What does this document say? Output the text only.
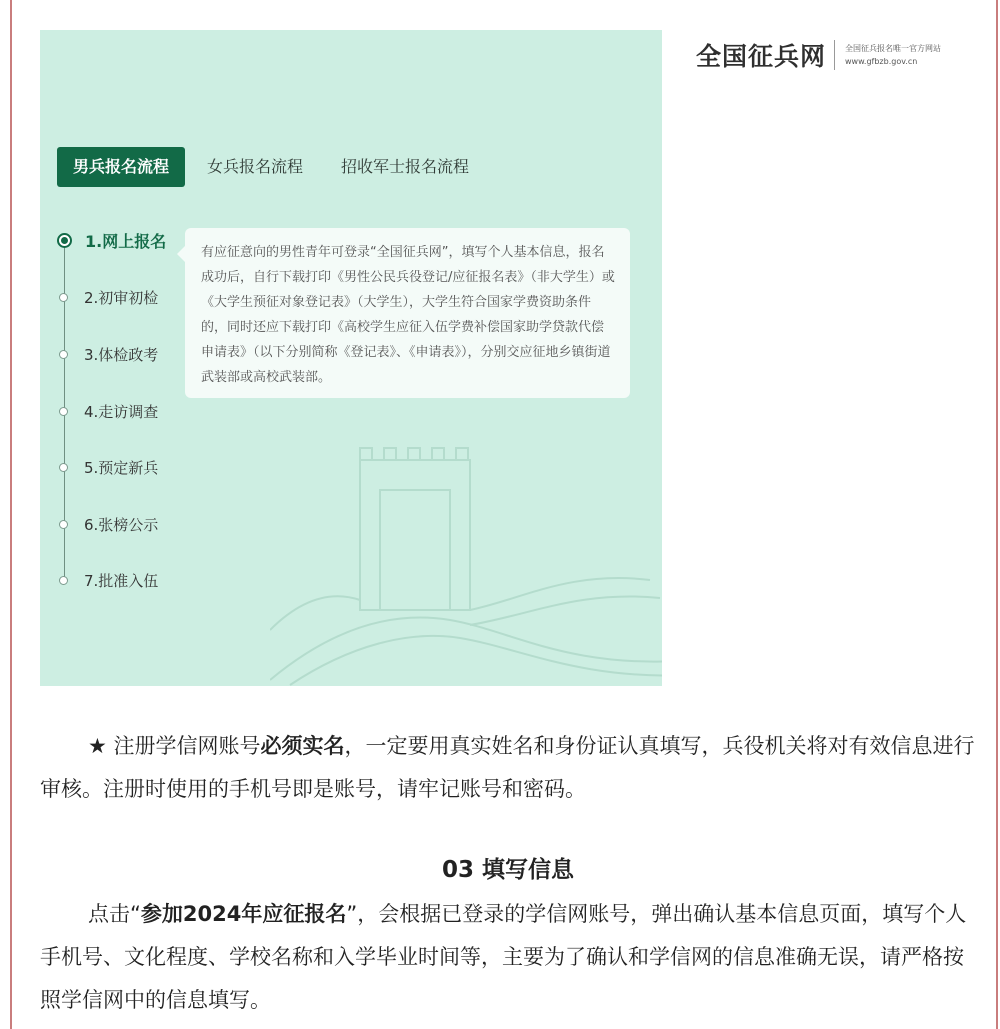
男兵报名流程	女兵报名流程 招收军士报名流程
1.网上报名
2.初审初检
3.体检政考
4.走访调查
5.预定新兵
6.张榜公示
7.批准入伍
有应征意向的男性青年可登录“全国征兵网”，填写个人基本信息，报名成功后，自行下载打印《男性公民兵役登记/应征报名表》（非大学生）或《大学生预征对象登记表》（大学生），大学生符合国家学费资助条件的，同时还应下载打印《高校学生应征入伍学费补偿国家助学贷款代偿申请表》（以下分别简称《登记表》、《申请表》），分别交应征地乡镇街道武装部或高校武装部。
全国征兵网 全国征兵报名唯一官方网站
www.gfbzb.gov.cn

★ 注册学信网账号必须实名，一定要用真实姓名和身份证认真填写，兵役机关将对有效信息进行审核。注册时使用的手机号即是账号，请牢记账号和密码。

03 填写信息

点击“参加2024年应征报名”，会根据已登录的学信网账号，弹出确认基本信息页面，填写个人手机号、文化程度、学校名称和入学毕业时间等，主要为了确认和学信网的信息准确无误，请严格按照学信网中的信息填写。
